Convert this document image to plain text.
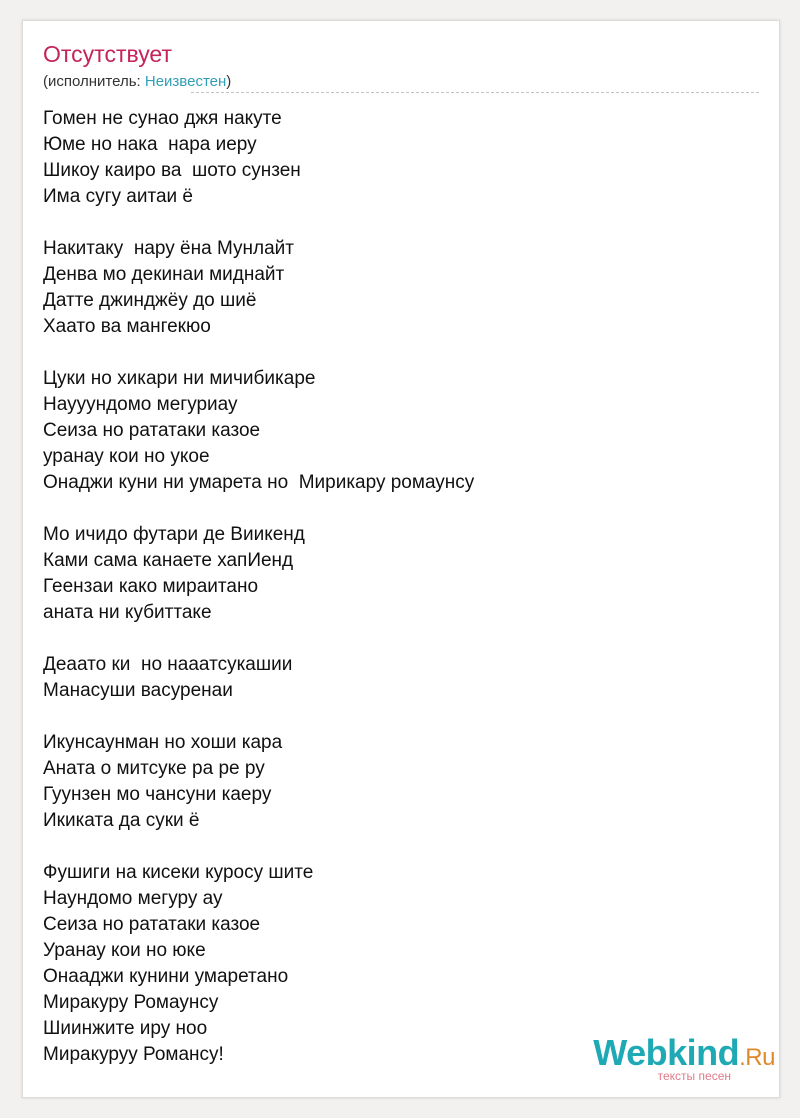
Отсутствует
(исполнитель: Неизвестен)
Гомен не сунао джя накуте
Юме но нака  нара иеру
Шикоу каиро ва  шото сунзен
Има сугу аитаи ё
Накитаку  нару ёна Мунлайт
Денва мо декинаи миднайт
Датте джинджёу до шиё
Хаато ва мангекюо
Цуки но хикари ни мичибикаре
Наууундомо мегуриау
Сеиза но рататаки казое
уранау кои но укое
Онаджи куни ни умарета но  Мирикару ромаунсу
Мо ичидо футари де Виикенд
Ками сама канаете хапИенд
Геензаи како мираитано
аната ни кубиттаке
Деаато ки  но нааатсукашии
Манасуши васуренаи
Икунсаунман но хоши кара
Аната о митсуке ра ре ру
Гуунзен мо чансуни каеру
Икиката да суки ё
Фушиги на кисеки куросу шите
Наундомо мегуру ау
Сеиза но рататаки казое
Уранау кои но юке
Онааджи кунини умаретано
Миракуру Ромаунсу
Шиинжите иру ноо
Миракуруу Романсу!	Webkind.Ru
тексты песен
